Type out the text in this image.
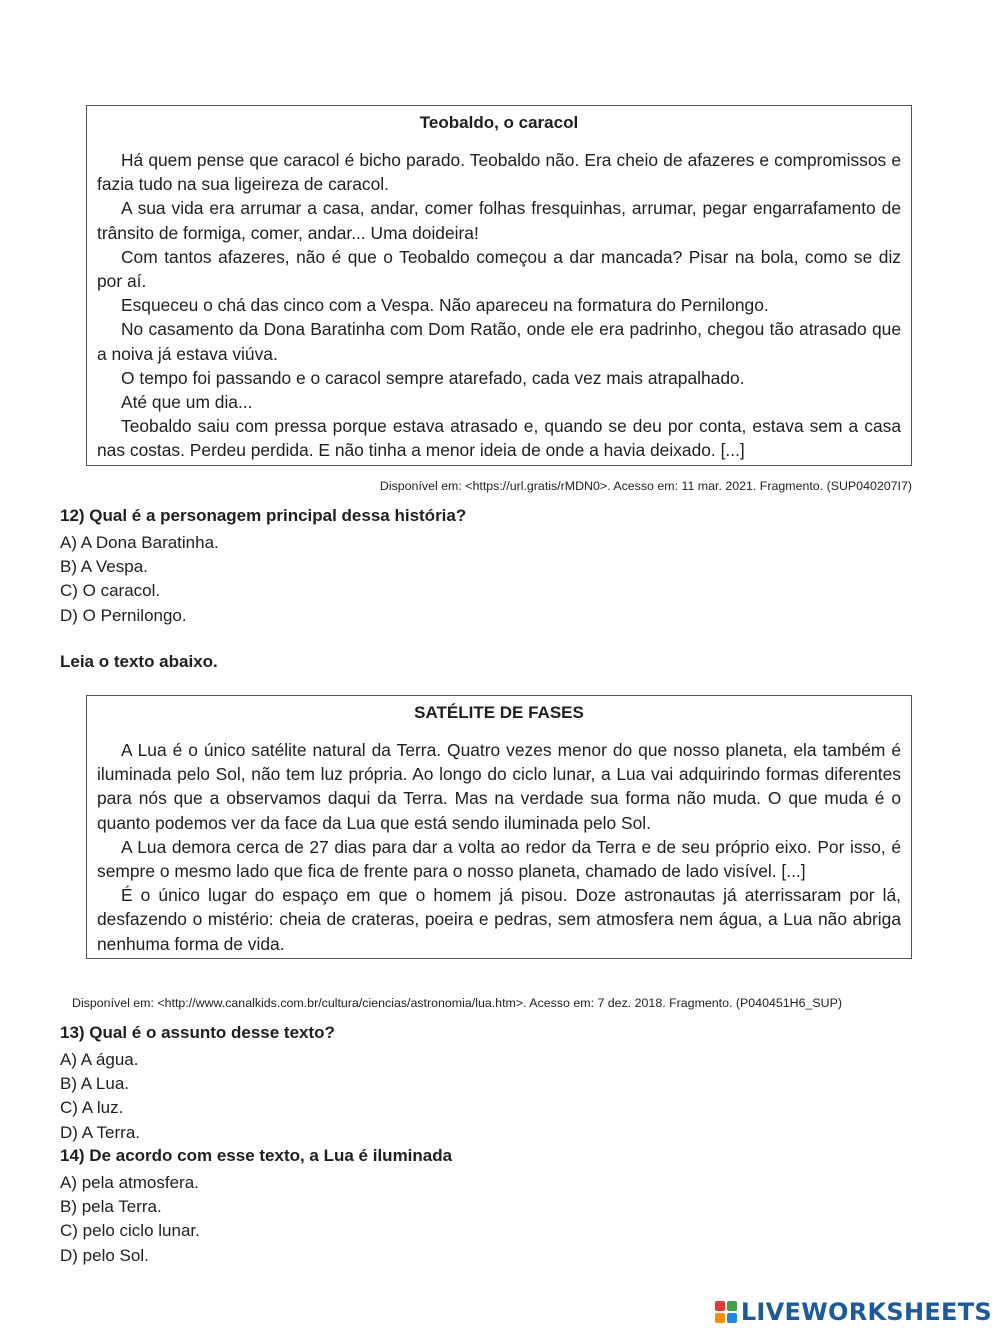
Teobaldo, o caracol

Há quem pense que caracol é bicho parado. Teobaldo não. Era cheio de afazeres e compromissos e fazia tudo na sua ligeireza de caracol.

A sua vida era arrumar a casa, andar, comer folhas fresquinhas, arrumar, pegar engarrafamento de trânsito de formiga, comer, andar... Uma doideira!

Com tantos afazeres, não é que o Teobaldo começou a dar mancada? Pisar na bola, como se diz por aí.

Esqueceu o chá das cinco com a Vespa. Não apareceu na formatura do Pernilongo.

No casamento da Dona Baratinha com Dom Ratão, onde ele era padrinho, chegou tão atrasado que a noiva já estava viúva.

O tempo foi passando e o caracol sempre atarefado, cada vez mais atrapalhado.

Até que um dia...

Teobaldo saiu com pressa porque estava atrasado e, quando se deu por conta, estava sem a casa nas costas. Perdeu perdida. E não tinha a menor ideia de onde a havia deixado. [...]

Disponível em: <https://url.gratis/rMDN0>. Acesso em: 11 mar. 2021. Fragmento. (SUP040207I7)

12) Qual é a personagem principal dessa história?

A) A Dona Baratinha.
B) A Vespa.
C) O caracol.
D) O Pernilongo.

Leia o texto abaixo.

SATÉLITE DE FASES

A Lua é o único satélite natural da Terra. Quatro vezes menor do que nosso planeta, ela também é iluminada pelo Sol, não tem luz própria. Ao longo do ciclo lunar, a Lua vai adquirindo formas diferentes para nós que a observamos daqui da Terra. Mas na verdade sua forma não muda. O que muda é o quanto podemos ver da face da Lua que está sendo iluminada pelo Sol.

A Lua demora cerca de 27 dias para dar a volta ao redor da Terra e de seu próprio eixo. Por isso, é sempre o mesmo lado que fica de frente para o nosso planeta, chamado de lado visível. [...]

É o único lugar do espaço em que o homem já pisou. Doze astronautas já aterrissaram por lá, desfazendo o mistério: cheia de crateras, poeira e pedras, sem atmosfera nem água, a Lua não abriga nenhuma forma de vida.

Disponível em: <http://www.canalkids.com.br/cultura/ciencias/astronomia/lua.htm>. Acesso em: 7 dez. 2018. Fragmento. (P040451H6_SUP)

13) Qual é o assunto desse texto?

A) A água.
B) A Lua.
C) A luz.
D) A Terra.

14) De acordo com esse texto, a Lua é iluminada

A) pela atmosfera.
B) pela Terra.
C) pelo ciclo lunar.
D) pelo Sol.
LIVEWORKSHEETS
